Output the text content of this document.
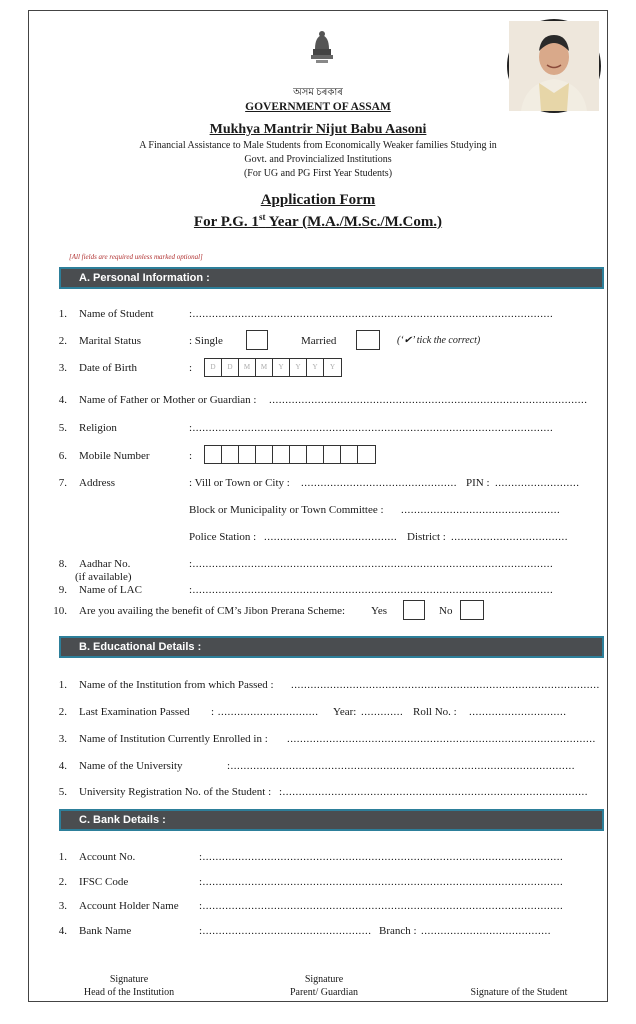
অসম চৰকাৰ
GOVERNMENT OF ASSAM
Mukhya Mantrir Nijut Babu Aasoni
A Financial Assistance to Male Students from Economically Weaker families Studying in
Govt. and Provincialized Institutions
(For UG and PG First Year Students)
Application Form
For P.G. 1st Year (M.A./M.Sc./M.Com.)
[All fields are required unless marked optional]
A. Personal Information :
1. Name of Student	:...............................................................................................................
2. Marital Status	: Single	Married	(‘✔’ tick the correct)
3. Date of Birth	:	D	D	M	M	Y	Y	Y	Y
4. Name of Father or Mother or Guardian : ..................................................................................................
5. Religion	:...............................................................................................................
6. Mobile Number	:
7. Address	: Vill or Town or City : ................................................ PIN : ..........................
Block or Municipality or Town Committee : .................................................
Police Station : ......................................... District : ....................................
8. Aadhar No.
(if available)
:...............................................................................................................
9. Name of LAC	:...............................................................................................................
10. Are you availing the benefit of CM’s Jibon Prerana Scheme: Yes	No
B. Educational Details :
1. Name of the Institution from which Passed : ...............................................................................................
2. Last Examination Passed : ...............................	Year: ............. Roll No. : ..............................
3. Name of Institution Currently Enrolled in : ...............................................................................................
4. Name of the University	:..........................................................................................................
5. University Registration No. of the Student : :..............................................................................................
C. Bank Details :
1. Account No.	:...............................................................................................................
2. IFSC Code	:...............................................................................................................
3. Account Holder Name :...............................................................................................................
4. Bank Name	:.................................................... Branch : ........................................
Signature
Head of the Institution
Signature
Parent/ Guardian	Signature of the Student
